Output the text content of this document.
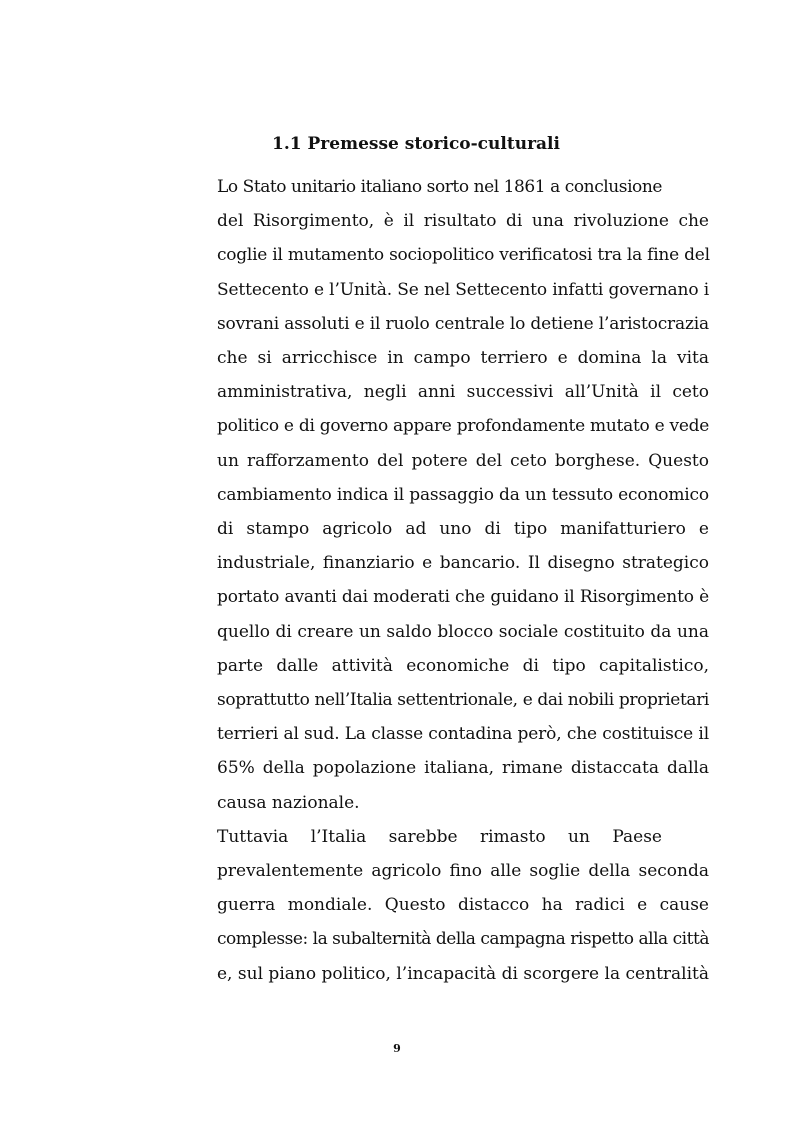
1.1 Premesse storico-culturali
Lo Stato unitario italiano sorto nel 1861 a conclusione
del Risorgimento, è il risultato di una rivoluzione che
coglie il mutamento sociopolitico verificatosi tra la fine del
Settecento e l’Unità. Se nel Settecento infatti governano i
sovrani assoluti e il ruolo centrale lo detiene l’aristocrazia
che si arricchisce in campo terriero e domina la vita
amministrativa, negli anni successivi all’Unità il ceto
politico e di governo appare profondamente mutato e vede
un rafforzamento del potere del ceto borghese. Questo
cambiamento indica il passaggio da un tessuto economico
di stampo agricolo ad uno di tipo manifatturiero e
industriale, finanziario e bancario. Il disegno strategico
portato avanti dai moderati che guidano il Risorgimento è
quello di creare un saldo blocco sociale costituito da una
parte dalle attività economiche di tipo capitalistico,
soprattutto nell’Italia settentrionale, e dai nobili proprietari
terrieri al sud. La classe contadina però, che costituisce il
65% della popolazione italiana, rimane distaccata dalla
causa nazionale.
Tuttavia l’Italia sarebbe rimasto un Paese
prevalentemente agricolo fino alle soglie della seconda
guerra mondiale. Questo distacco ha radici e cause
complesse: la subalternità della campagna rispetto alla città
e, sul piano politico, l’incapacità di scorgere la centralità
9
